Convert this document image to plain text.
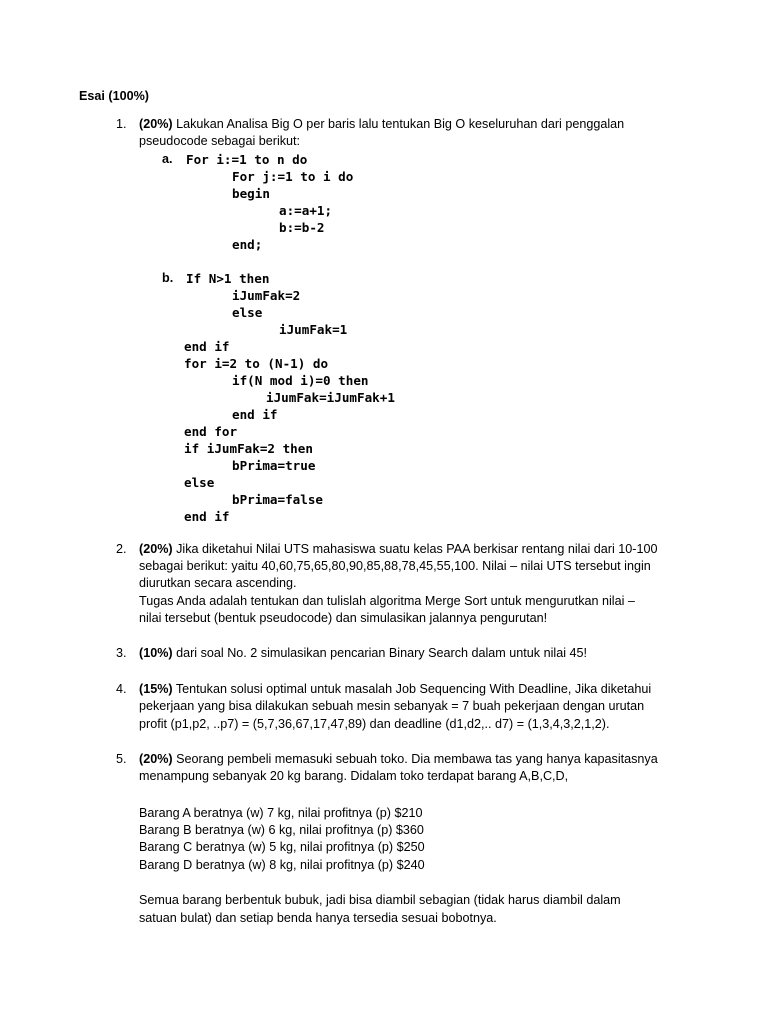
Esai (100%)
1. (20%) Lakukan Analisa Big O per baris lalu tentukan Big O keseluruhan dari penggalan
pseudocode sebagai berikut:
a. For i:=1 to n do
For j:=1 to i do
begin
a:=a+1;
b:=b-2
end;
b. If N>1 then
iJumFak=2
else
iJumFak=1
end if
for i=2 to (N-1) do
if(N mod i)=0 then
iJumFak=iJumFak+1
end if
end for
if iJumFak=2 then
bPrima=true
else
bPrima=false
end if
2. (20%) Jika diketahui Nilai UTS mahasiswa suatu kelas PAA berkisar rentang nilai dari 10-100
sebagai berikut: yaitu 40,60,75,65,80,90,85,88,78,45,55,100. Nilai – nilai UTS tersebut ingin
diurutkan secara ascending.
Tugas Anda adalah tentukan dan tulislah algoritma Merge Sort untuk mengurutkan nilai –
nilai tersebut (bentuk pseudocode) dan simulasikan jalannya pengurutan!
3. (10%) dari soal No. 2 simulasikan pencarian Binary Search dalam untuk nilai 45!
4. (15%) Tentukan solusi optimal untuk masalah Job Sequencing With Deadline, Jika diketahui
pekerjaan yang bisa dilakukan sebuah mesin sebanyak = 7 buah pekerjaan dengan urutan
profit (p1,p2, ..p7) = (5,7,36,67,17,47,89) dan deadline (d1,d2,.. d7) = (1,3,4,3,2,1,2).
5. (20%) Seorang pembeli memasuki sebuah toko. Dia membawa tas yang hanya kapasitasnya
menampung sebanyak 20 kg barang. Didalam toko terdapat barang A,B,C,D,
Barang A beratnya (w) 7 kg, nilai profitnya (p) $210
Barang B beratnya (w) 6 kg, nilai profitnya (p) $360
Barang C beratnya (w) 5 kg, nilai profitnya (p) $250
Barang D beratnya (w) 8 kg, nilai profitnya (p) $240
Semua barang berbentuk bubuk, jadi bisa diambil sebagian (tidak harus diambil dalam
satuan bulat) dan setiap benda hanya tersedia sesuai bobotnya.
